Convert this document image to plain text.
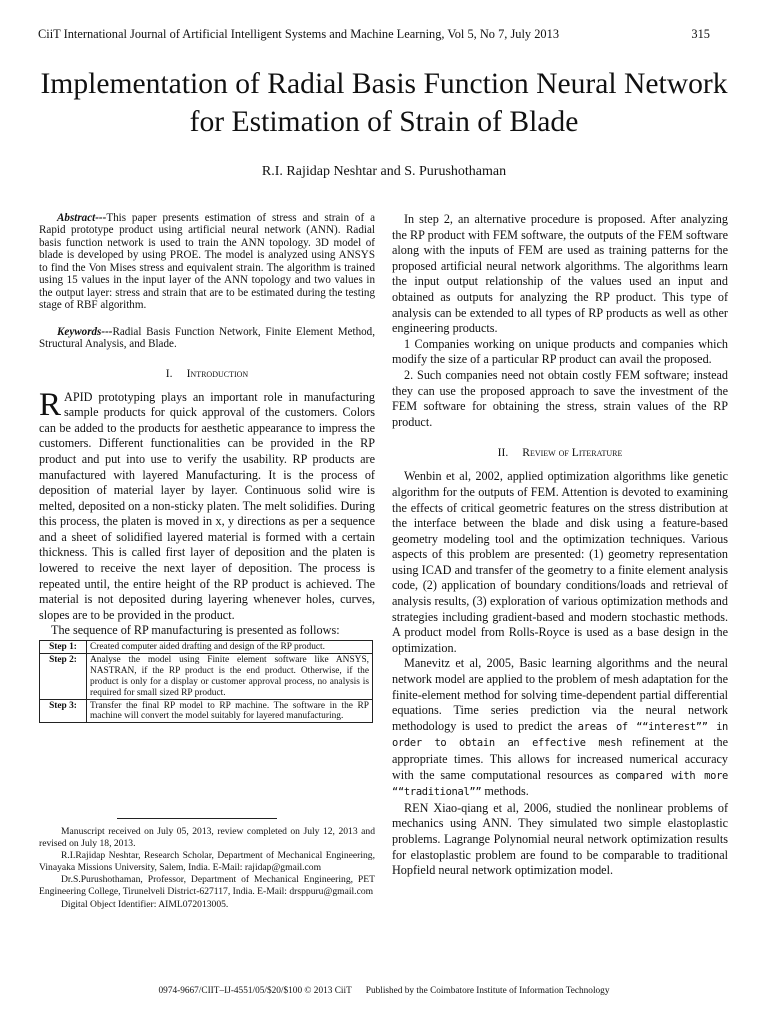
CiiT International Journal of Artificial Intelligent Systems and Machine Learning, Vol 5, No 7, July 2013	315
Implementation of Radial Basis Function Neural Network for Estimation of Strain of Blade
R.I. Rajidap Neshtar and S. Purushothaman

Abstract---This paper presents estimation of stress and strain of a Rapid prototype product using artificial neural network (ANN). Radial basis function network is used to train the ANN topology. 3D model of blade is developed by using PROE. The model is analyzed using ANSYS to find the Von Mises stress and equivalent strain. The algorithm is trained using 15 values in the input layer of the ANN topology and two values in the output layer: stress and strain that are to be estimated during the testing stage of RBF algorithm.

Keywords---Radial Basis Function Network, Finite Element Method, Structural Analysis, and Blade.

I. Introduction

RAPID prototyping plays an important role in manufacturing sample products for quick approval of the customers. Colors can be added to the products for aesthetic appearance to impress the customers. Different functionalities can be provided in the RP product and put into use to verify the usability. RP products are manufactured with layered Manufacturing. It is the process of deposition of material layer by layer. Continuous solid wire is melted, deposited on a non-sticky platen. The melt solidifies. During this process, the platen is moved in x, y directions as per a sequence and a sheet of solidified layered material is formed with a certain thickness. This is called first layer of deposition and the platen is lowered to receive the next layer of deposition. The process is repeated until, the entire height of the RP product is achieved. The material is not deposited during layering whenever holes, curves, slopes are to be provided in the product.

The sequence of RP manufacturing is presented as follows:

Step 1:	Created computer aided drafting and design of the RP product.
Step 2:	Analyse the model using Finite element software like ANSYS, NASTRAN, if the RP product is the end product. Otherwise, if the product is only for a display or customer approval process, no analysis is required for small sized RP product.
Step 3:	Transfer the final RP model to RP machine. The software in the RP machine will convert the model suitably for layered manufacturing.

Manuscript received on July 05, 2013, review completed on July 12, 2013 and revised on July 18, 2013.

R.I.Rajidap Neshtar, Research Scholar, Department of Mechanical Engineering, Vinayaka Missions University, Salem, India. E-Mail: rajidap@gmail.com

Dr.S.Purushothaman, Professor, Department of Mechanical Engineering, PET Engineering College, Tirunelveli District-627117, India. E-Mail: drsppuru@gmail.com

Digital Object Identifier: AIML072013005.

In step 2, an alternative procedure is proposed. After analyzing the RP product with FEM software, the outputs of the FEM software along with the inputs of FEM are used as training patterns for the proposed artificial neural network algorithms. The algorithms learn the input output relationship of the values used an input and obtained as outputs for analyzing the RP product. This type of analysis can be extended to all types of RP products as well as other engineering products.

1 Companies working on unique products and companies which modify the size of a particular RP product can avail the proposed.

2. Such companies need not obtain costly FEM software; instead they can use the proposed approach to save the investment of the FEM software for obtaining the stress, strain values of the RP product.

II. Review of Literature

Wenbin et al, 2002, applied optimization algorithms like genetic algorithm for the outputs of FEM. Attention is devoted to examining the effects of critical geometric features on the stress distribution at the interface between the blade and disk using a feature-based geometry modeling tool and the optimization techniques. Various aspects of this problem are presented: (1) geometry representation using ICAD and transfer of the geometry to a finite element analysis code, (2) application of boundary conditions/loads and retrieval of analysis results, (3) exploration of various optimization methods and strategies including gradient-based and modern stochastic methods. A product model from Rolls-Royce is used as a base design in the optimization.

Manevitz et al, 2005, Basic learning algorithms and the neural network model are applied to the problem of mesh adaptation for the finite-element method for solving time-dependent partial differential equations. Time series prediction via the neural network methodology is used to predict the areas of ““interest”” in order to obtain an effective mesh refinement at the appropriate times. This allows for increased numerical accuracy with the same computational resources as compared with more ““traditional”” methods.

REN Xiao-qiang et al, 2006, studied the nonlinear problems of mechanics using ANN. They simulated two simple elastoplastic problems. Lagrange Polynomial neural network optimization results for elastoplastic problem are found to be comparable to traditional Hopfield neural network optimization model.

0974-9667/CIIT–IJ-4551/05/$20/$100 © 2013 CiiT Published by the Coimbatore Institute of Information Technology
